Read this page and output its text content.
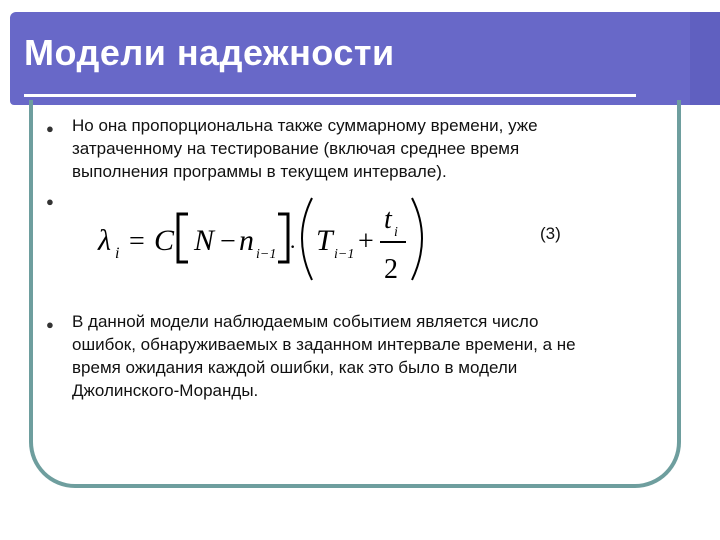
Модели надежности
● Но она пропорциональна также суммарному времени, уже
затраченному на тестирование (включая среднее время
выполнения программы в текущем интервале).

●
λ i = C N − n i−1 · T i−1 +
t i
2
(3)
● В данной модели наблюдаемым событием является число
ошибок, обнаруживаемых в заданном интервале времени, а не
время ожидания каждой ошибки, как это было в модели
Джолинского-Моранды.
